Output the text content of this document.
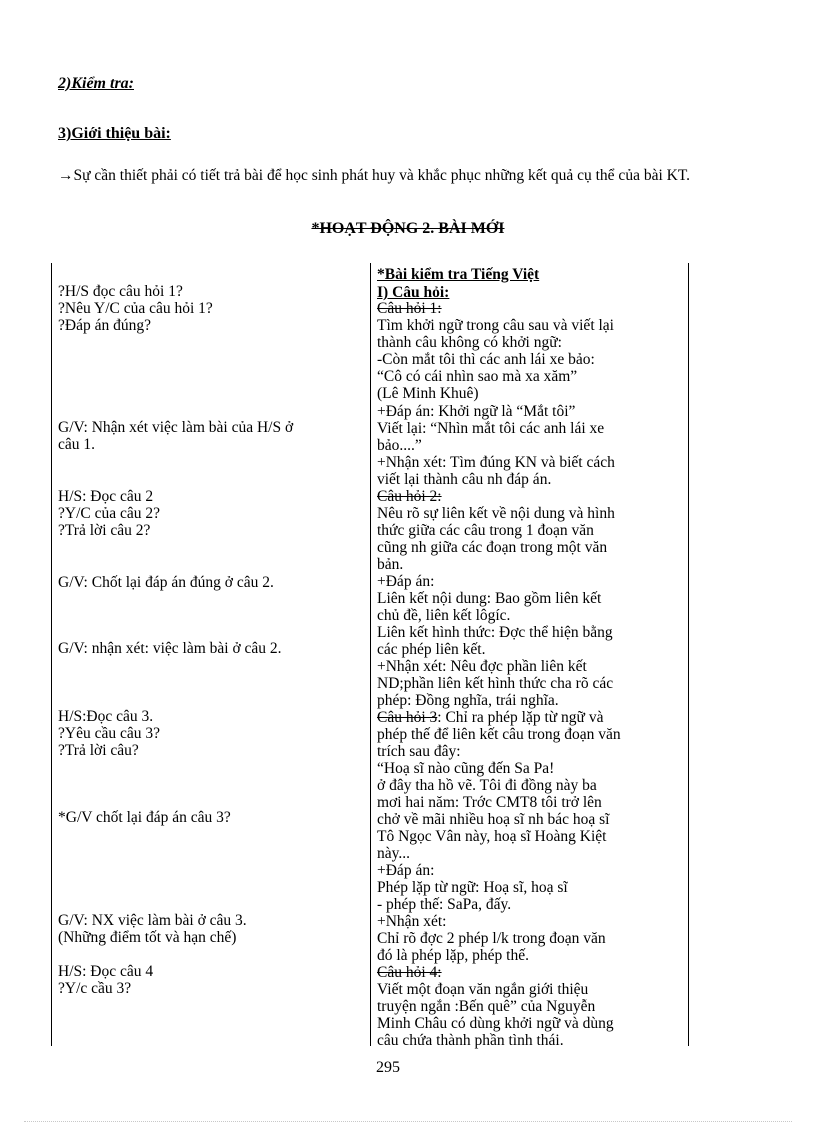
2)Kiểm tra:
3)Giới thiệu bài:
→Sự cần thiết phải có tiết trả bài để học sinh phát huy và khắc phục những kết quả cụ thể của bài KT.
*HOẠT ĐỘNG 2. BÀI MỚI
?H/S đọc câu hỏi 1?
?Nêu Y/C của câu hỏi 1?
?Đáp án đúng?
G/V: Nhận xét việc làm bài của H/S ở
câu 1.
H/S: Đọc câu 2
?Y/C của câu 2?
?Trả lời câu 2?
G/V: Chốt lại đáp án đúng ở câu 2.
G/V: nhận xét: việc làm bài ở câu 2.
H/S:Đọc câu 3.
?Yêu cầu câu 3?
?Trả lời câu?
*G/V chốt lại đáp án câu 3?
G/V: NX việc làm bài ở câu 3.
(Những điểm tốt và hạn chế)
H/S: Đọc câu 4
?Y/c cầu 3?
*Bài kiểm tra Tiếng Việt
I) Câu hỏi:
Câu hỏi 1:
Tìm khởi ngữ trong câu sau và viết lại
thành câu không có khởi ngữ:
-Còn mắt tôi thì các anh lái xe bảo:
“Cô có cái nhìn sao mà xa xăm”
(Lê Minh Khuê)
+Đáp án: Khởi ngữ là “Mắt tôi”
Viết lại: “Nhìn mắt tôi các anh lái xe
bảo....”
+Nhận xét: Tìm đúng KN và biết cách
viết lại thành câu nh đáp án.
Câu hỏi 2:
Nêu rõ sự liên kết về nội dung và hình
thức giữa các câu trong 1 đoạn văn
cũng nh giữa các đoạn trong một văn
bản.
+Đáp án:
Liên kết nội dung: Bao gồm liên kết
chủ đề, liên kết lôgíc.
Liên kết hình thức: Đợc thể hiện bằng
các phép liên kết.
+Nhận xét: Nêu đợc phần liên kết
ND;phần liên kết hình thức cha rõ các
phép: Đồng nghĩa, trái nghĩa.
Câu hỏi 3: Chỉ ra phép lặp từ ngữ và
phép thế để liên kết câu trong đoạn văn
trích sau đây:
“Hoạ sĩ nào cũng đến Sa Pa!
ở đây tha hồ vẽ. Tôi đi đồng này ba
mơi hai năm: Trớc CMT8 tôi trở lên
chở về mãi nhiều hoạ sĩ nh bác hoạ sĩ
Tô Ngọc Vân này, hoạ sĩ Hoàng Kiệt
này...
+Đáp án:
Phép lặp từ ngữ: Hoạ sĩ, hoạ sĩ
- phép thế: SaPa, đấy.
+Nhận xét:
Chỉ rõ đợc 2 phép l/k trong đoạn văn
đó là phép lặp, phép thế.
Câu hỏi 4:
Viết một đoạn văn ngắn giới thiệu
truyện ngắn :Bến quê” của Nguyễn
Minh Châu có dùng khởi ngữ và dùng
câu chứa thành phần tình thái.
295
